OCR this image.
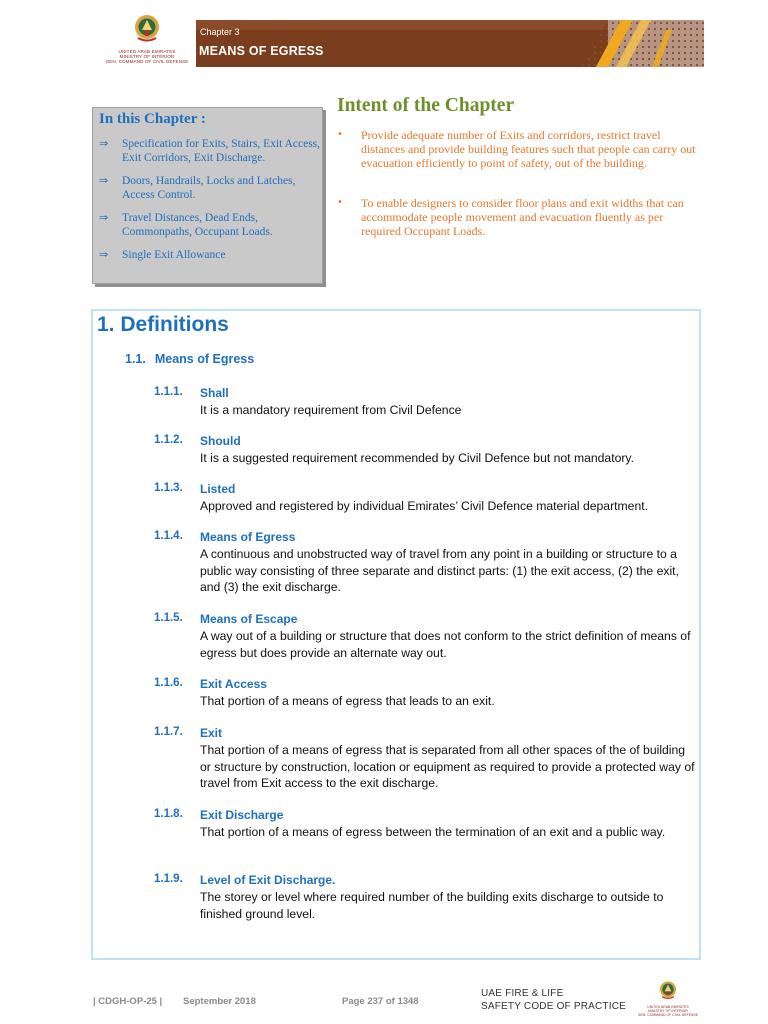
UNITED ARAB EMIRATES
MINISTRY OF INTERIOR
GEN. COMMAND OF CIVIL DEFENSE
Chapter 3
MEANS OF EGRESS
In this Chapter :
⇒	Specification for Exits, Stairs, Exit Access, Exit Corridors, Exit Discharge.
⇒	Doors, Handrails, Locks and Latches, Access Control.
⇒	Travel Distances, Dead Ends, Commonpaths, Occupant Loads.
⇒	Single Exit Allowance
Intent of the Chapter
• Provide adequate number of Exits and corridors, restrict travel distances and provide building features such that people can carry out evacuation efficiently to point of safety, out of the building.
• To enable designers to consider floor plans and exit widths that can accommodate people movement and evacuation fluently as per required Occupant Loads.
1. Definitions
1.1. Means of Egress
1.1.1. Shall
It is a mandatory requirement from Civil Defence
1.1.2. Should
It is a suggested requirement recommended by Civil Defence but not mandatory.
1.1.3. Listed
Approved and registered by individual Emirates’ Civil Defence material department.
1.1.4. Means of Egress
A continuous and unobstructed way of travel from any point in a building or structure to a public way consisting of three separate and distinct parts: (1) the exit access, (2) the exit, and (3) the exit discharge.
1.1.5. Means of Escape
A way out of a building or structure that does not conform to the strict definition of means of egress but does provide an alternate way out.
1.1.6. Exit Access
That portion of a means of egress that leads to an exit.
1.1.7. Exit
That portion of a means of egress that is separated from all other spaces of the of building or structure by construction, location or equipment as required to provide a protected way of travel from Exit access to the exit discharge.
1.1.8. Exit Discharge
That portion of a means of egress between the termination of an exit and a public way.
1.1.9. Level of Exit Discharge.
The storey or level where required number of the building exits discharge to outside to finished ground level.
| CDGH-OP-25 | September 2018	Page 237 of 1348
UAE FIRE & LIFE
SAFETY CODE OF PRACTICE	UNITED ARAB EMIRATES
MINISTRY OF INTERIOR
GEN. COMMAND OF CIVIL DEFENSE
